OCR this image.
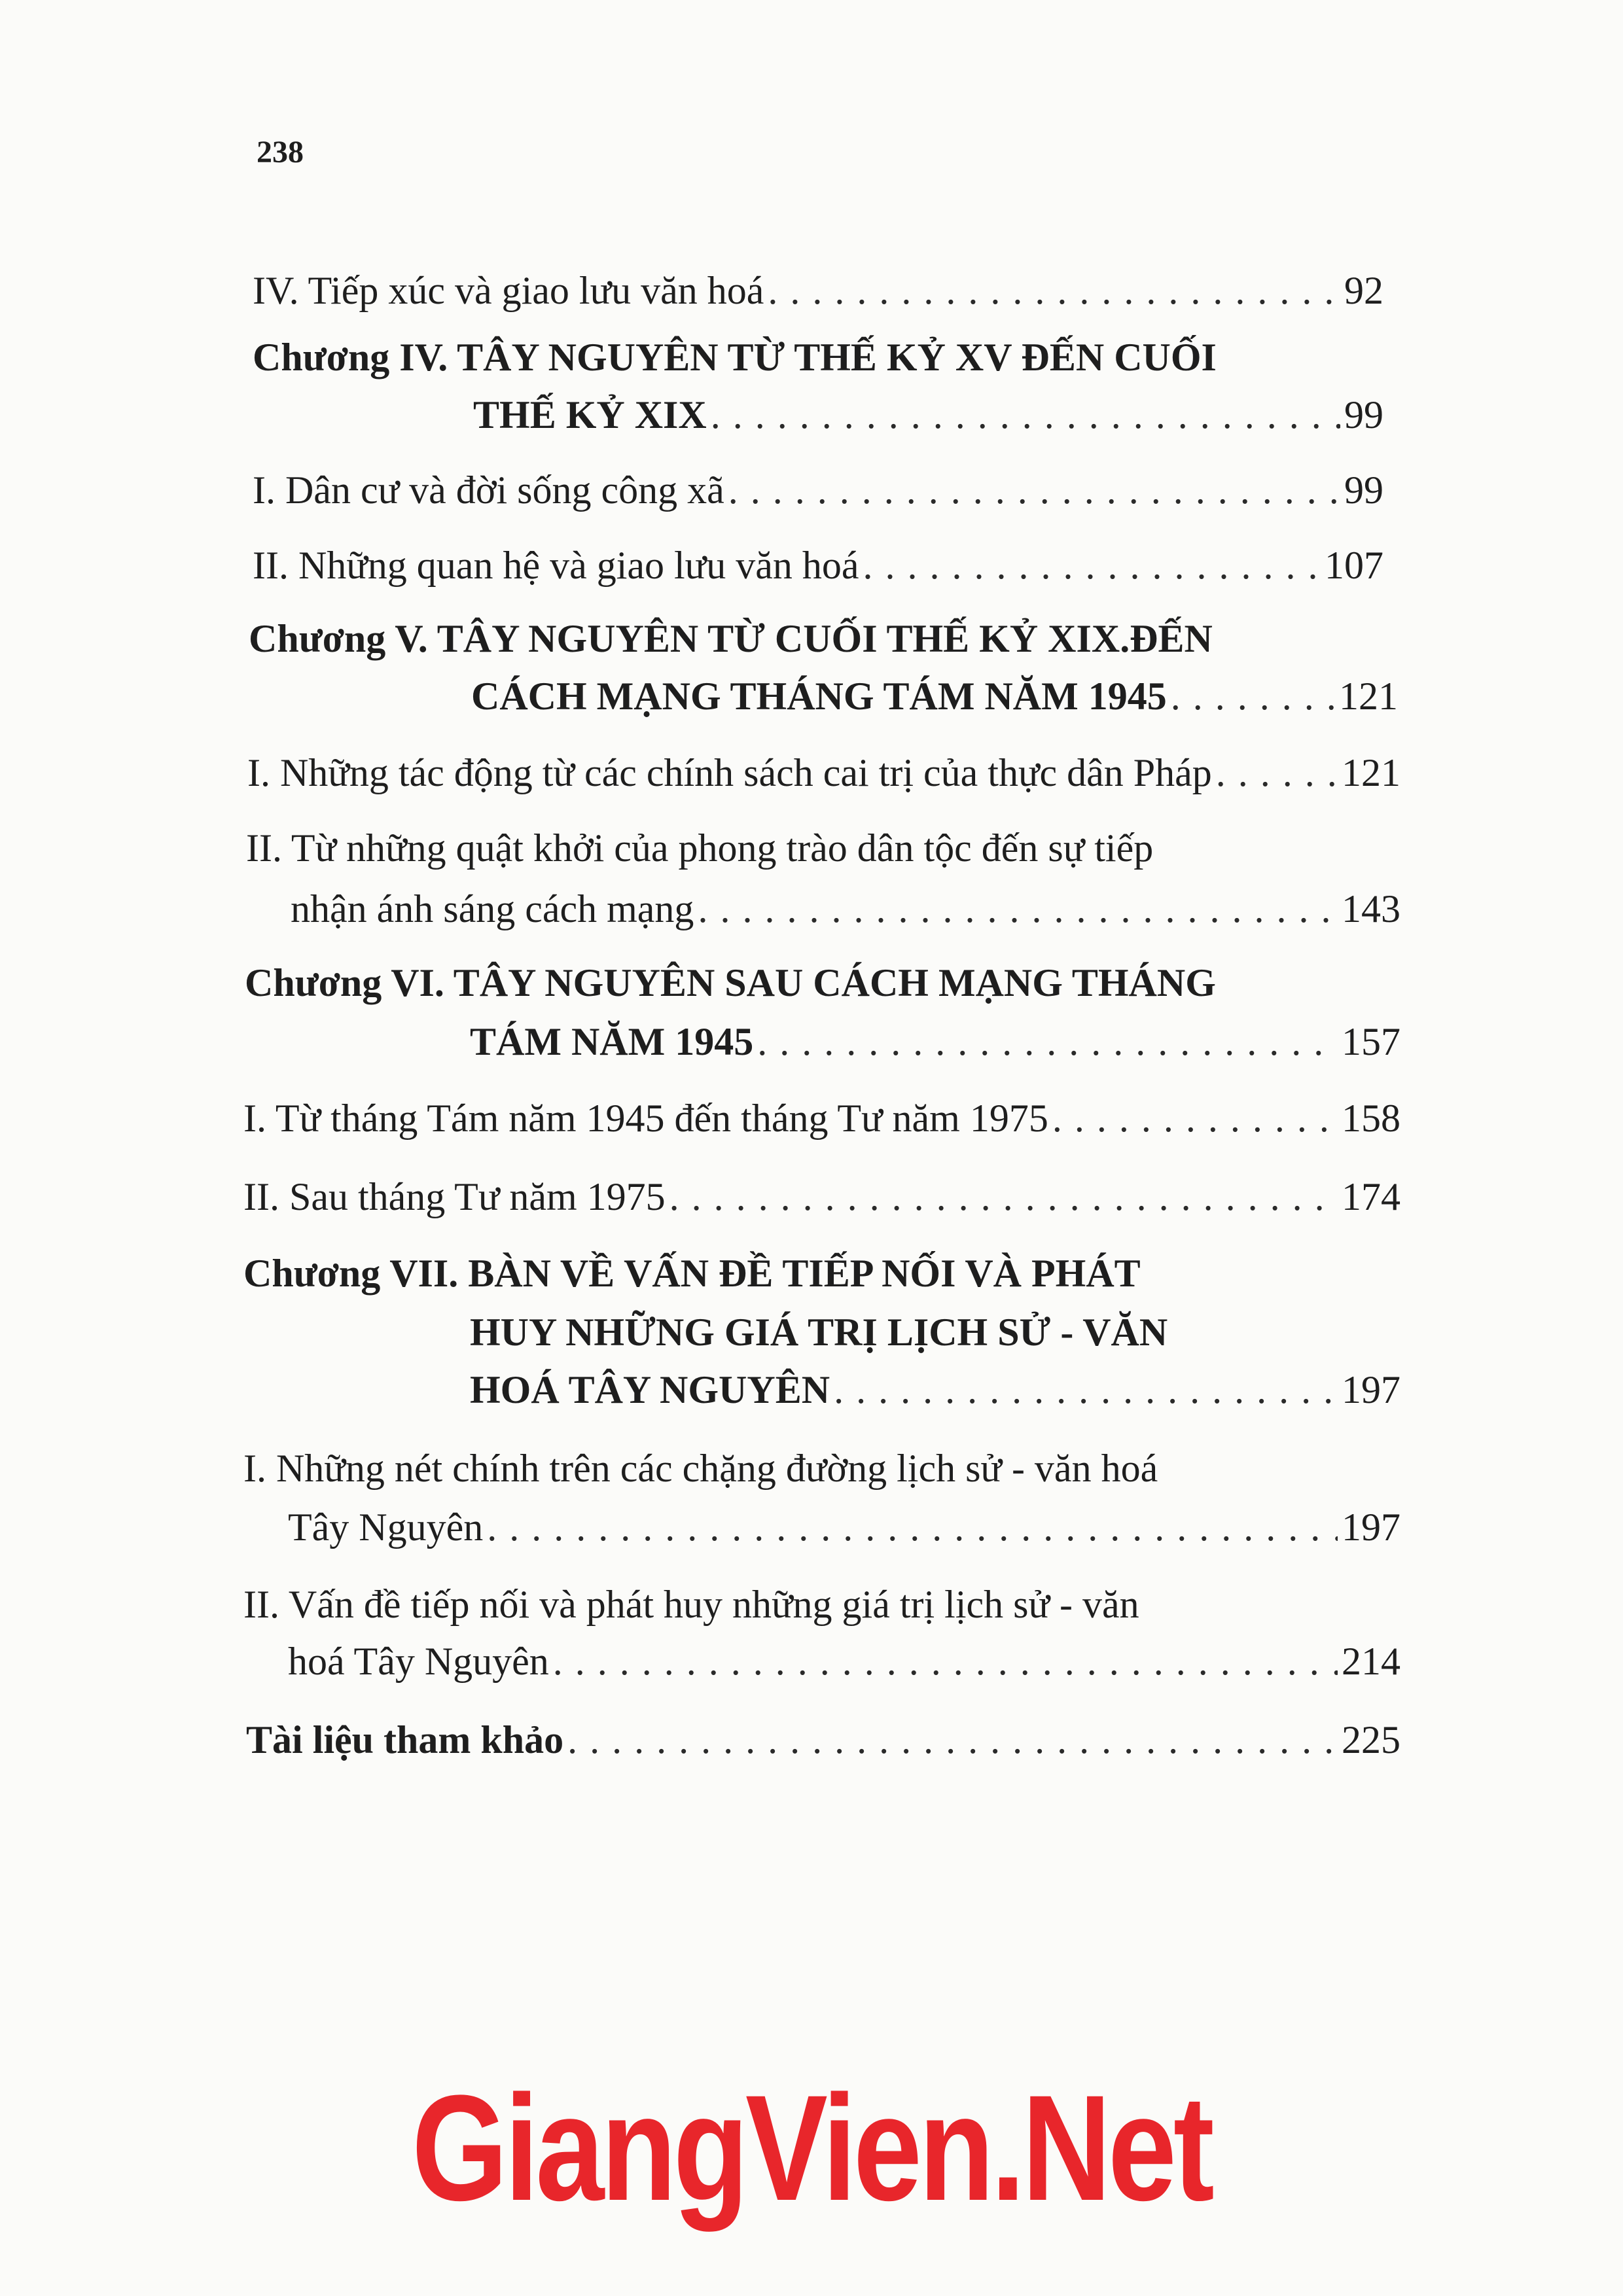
238
IV. Tiếp xúc và giao lưu văn hoá . . .	92
Chương IV. TÂY NGUYÊN TỪ THẾ KỶ XV ĐẾN CUỐI
THẾ KỶ XIX . . .	99
I. Dân cư và đời sống công xã . . .	99
II. Những quan hệ và giao lưu văn hoá . . .	107
Chương V. TÂY NGUYÊN TỪ CUỐI THẾ KỶ XIX.ĐẾN
CÁCH MẠNG THÁNG TÁM NĂM 1945 . . .	121
I. Những tác động từ các chính sách cai trị của thực dân Pháp . . .	121
II. Từ những quật khởi của phong trào dân tộc đến sự tiếp
nhận ánh sáng cách mạng . . .	143
Chương VI. TÂY NGUYÊN SAU CÁCH MẠNG THÁNG
TÁM NĂM 1945 . . .	157
I. Từ tháng Tám năm 1945 đến tháng Tư năm 1975 . . .	158
II. Sau tháng Tư năm 1975 . . .	174
Chương VII. BÀN VỀ VẤN ĐỀ TIẾP NỐI VÀ PHÁT
HUY NHỮNG GIÁ TRỊ LỊCH SỬ - VĂN
HOÁ TÂY NGUYÊN . . .	197
I. Những nét chính trên các chặng đường lịch sử - văn hoá
Tây Nguyên . . .	197
II. Vấn đề tiếp nối và phát huy những giá trị lịch sử - văn
hoá Tây Nguyên . . .	214
Tài liệu tham khảo . . .	225
GiangVien.Net
